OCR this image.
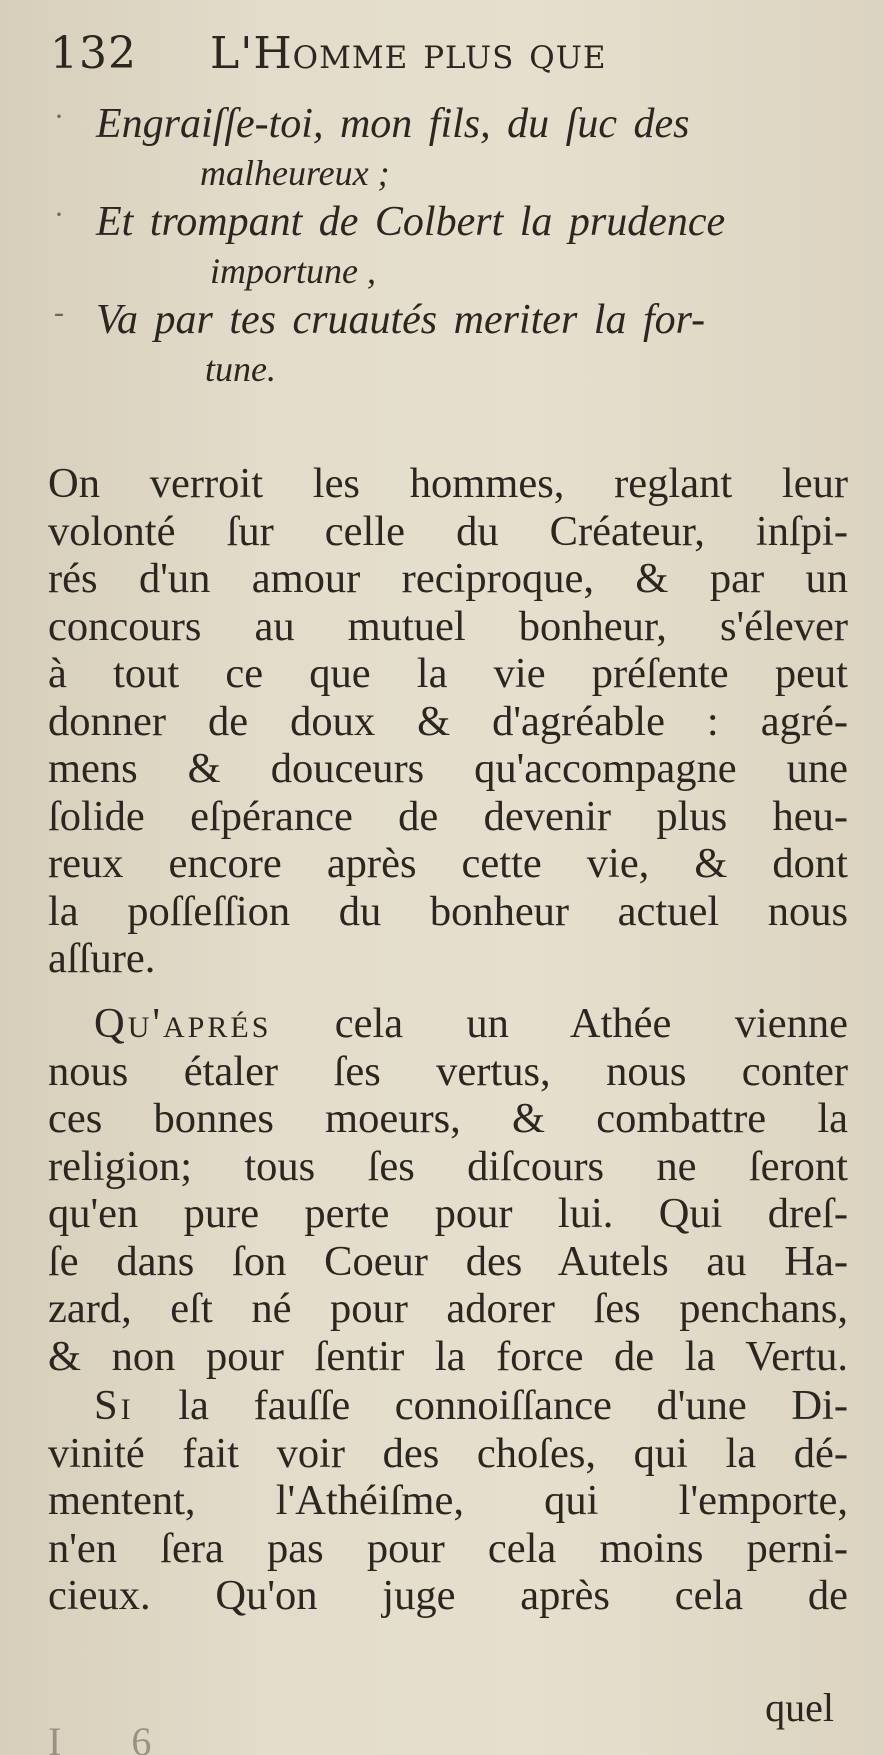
132 L'Homme plus que
· Engraiſſe-toi, mon fils, du ſuc des
malheureux ;
· Et trompant de Colbert la prudence
importune ,
- Va par tes cruautés meriter la for-
tune.
On verroit les hommes, reglant leur
volonté ſur celle du Créateur, inſpi-
rés d'un amour reciproque, & par un
concours au mutuel bonheur, s'élever
à tout ce que la vie préſente peut
donner de doux & d'agréable : agré-
mens & douceurs qu'accompagne une
ſolide eſpérance de devenir plus heu-
reux encore après cette vie, & dont
la poſſeſſion du bonheur actuel nous
aſſure.
Qu'aprés cela un Athée vienne
nous étaler ſes vertus, nous conter
ces bonnes moeurs, & combattre la
religion; tous ſes diſcours ne ſeront
qu'en pure perte pour lui. Qui dreſ-
ſe dans ſon Coeur des Autels au Ha-
zard, eſt né pour adorer ſes penchans,
& non pour ſentir la force de la Vertu.
Si la fauſſe connoiſſance d'une Di-
vinité fait voir des choſes, qui la dé-
mentent, l'Athéiſme, qui l'emporte,
n'en ſera pas pour cela moins perni-
cieux. Qu'on juge après cela de
quel
I 6
